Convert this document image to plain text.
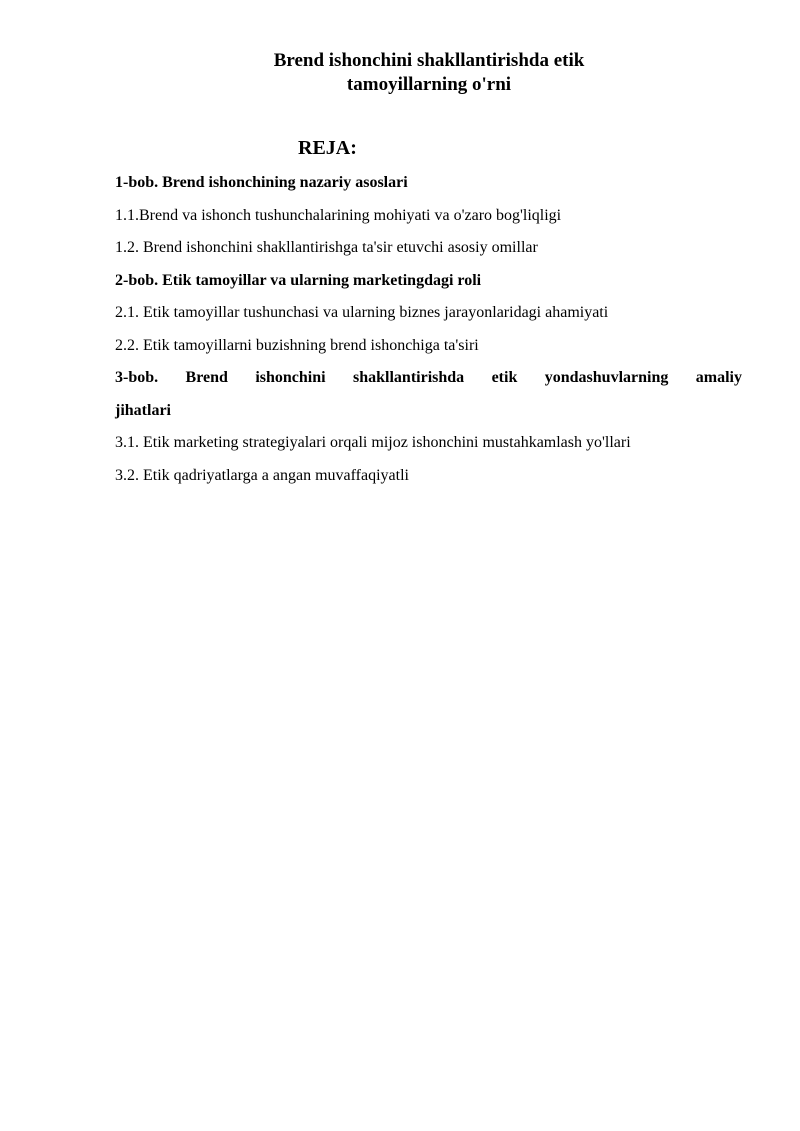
Brend ishonchini shakllantirishda etik
tamoyillarning o'rni
REJA:
1-bob. Brend ishonchining nazariy asoslari
1.1.Brend va ishonch tushunchalarining mohiyati va o'zaro bog'liqligi
1.2. Brend ishonchini shakllantirishga ta'sir etuvchi asosiy omillar
2-bob. Etik tamoyillar va ularning marketingdagi roli
2.1. Etik tamoyillar tushunchasi va ularning biznes jarayonlaridagi ahamiyati
2.2. Etik tamoyillarni buzishning brend ishonchiga ta'siri
3-bob. Brend ishonchini shakllantirishda etik yondashuvlarning amaliy
jihatlari
3.1. Etik marketing strategiyalari orqali mijoz ishonchini mustahkamlash yo'llari
3.2. Etik qadriyatlarga a angan muvaffaqiyatli
